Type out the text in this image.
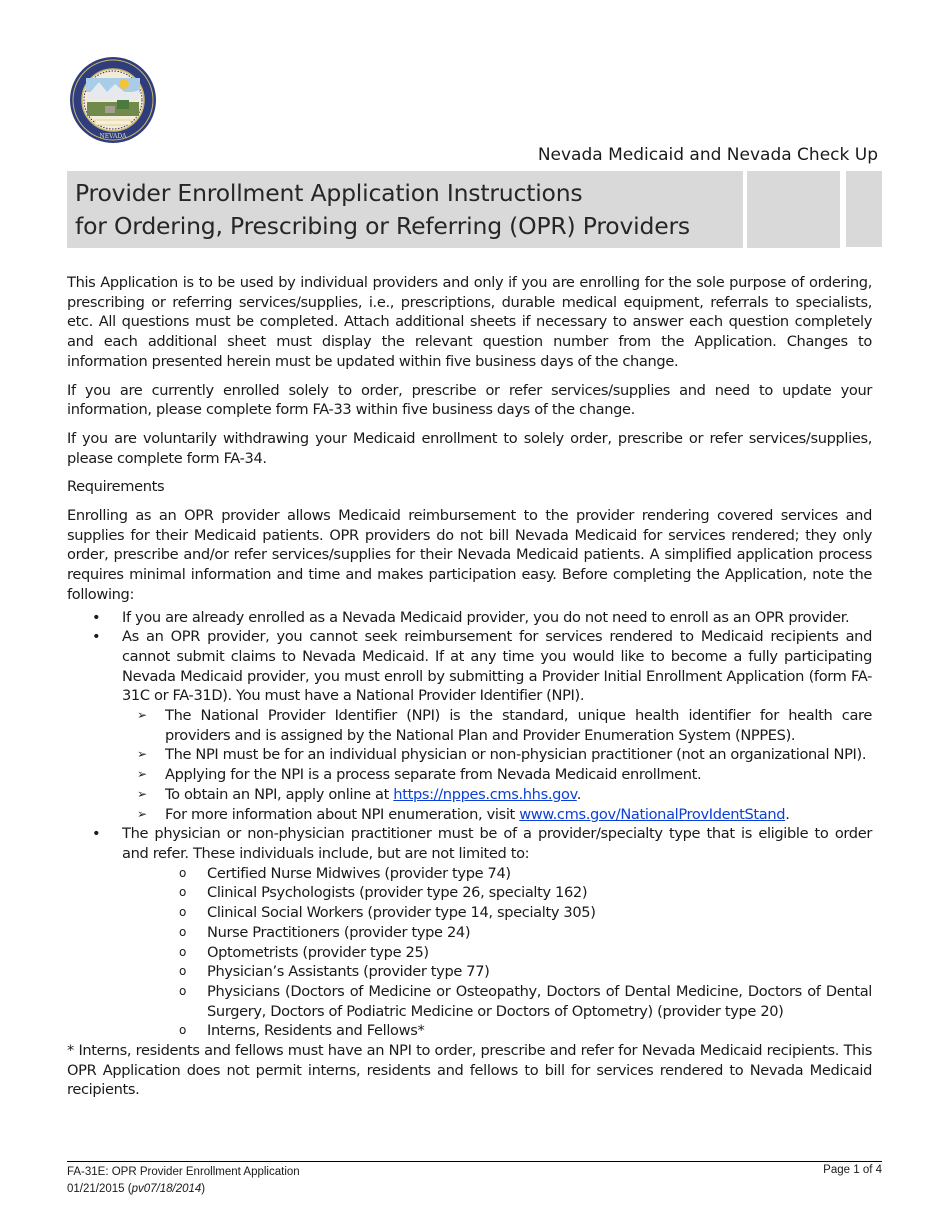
NEVADA
Nevada Medicaid and Nevada Check Up
Provider Enrollment Application Instructions
for Ordering, Prescribing or Referring (OPR) Providers

This Application is to be used by individual providers and only if you are enrolling for the sole purpose of ordering, prescribing or referring services/supplies, i.e., prescriptions, durable medical equipment, referrals to specialists, etc. All questions must be completed. Attach additional sheets if necessary to answer each question completely and each additional sheet must display the relevant question number from the Application. Changes to information presented herein must be updated within five business days of the change.

If you are currently enrolled solely to order, prescribe or refer services/supplies and need to update your information, please complete form FA-33 within five business days of the change.

If you are voluntarily withdrawing your Medicaid enrollment to solely order, prescribe or refer services/supplies, please complete form FA-34.

Requirements

Enrolling as an OPR provider allows Medicaid reimbursement to the provider rendering covered services and supplies for their Medicaid patients. OPR providers do not bill Nevada Medicaid for services rendered; they only order, prescribe and/or refer services/supplies for their Nevada Medicaid patients. A simplified application process requires minimal information and time and makes participation easy. Before completing the Application, note the following:

• If you are already enrolled as a Nevada Medicaid provider, you do not need to enroll as an OPR provider.
• As an OPR provider, you cannot seek reimbursement for services rendered to Medicaid recipients and cannot submit claims to Nevada Medicaid. If at any time you would like to become a fully participating Nevada Medicaid provider, you must enroll by submitting a Provider Initial Enrollment Application (form FA-31C or FA-31D). You must have a National Provider Identifier (NPI).
➢ The National Provider Identifier (NPI) is the standard, unique health identifier for health care providers and is assigned by the National Plan and Provider Enumeration System (NPPES).
➢ The NPI must be for an individual physician or non-physician practitioner (not an organizational NPI).
➢ Applying for the NPI is a process separate from Nevada Medicaid enrollment.
➢ To obtain an NPI, apply online at https://nppes.cms.hhs.gov.
➢ For more information about NPI enumeration, visit www.cms.gov/NationalProvIdentStand.
• The physician or non-physician practitioner must be of a provider/specialty type that is eligible to order and refer. These individuals include, but are not limited to:
o Certified Nurse Midwives (provider type 74)
o Clinical Psychologists (provider type 26, specialty 162)
o Clinical Social Workers (provider type 14, specialty 305)
o Nurse Practitioners (provider type 24)
o Optometrists (provider type 25)
o Physician’s Assistants (provider type 77)
o Physicians (Doctors of Medicine or Osteopathy, Doctors of Dental Medicine, Doctors of Dental Surgery, Doctors of Podiatric Medicine or Doctors of Optometry) (provider type 20)
o Interns, Residents and Fellows*

* Interns, residents and fellows must have an NPI to order, prescribe and refer for Nevada Medicaid recipients. This OPR Application does not permit interns, residents and fellows to bill for services rendered to Nevada Medicaid recipients.

FA-31E: OPR Provider Enrollment Application
01/21/2015 (pv07/18/2014)
Page 1 of 4
